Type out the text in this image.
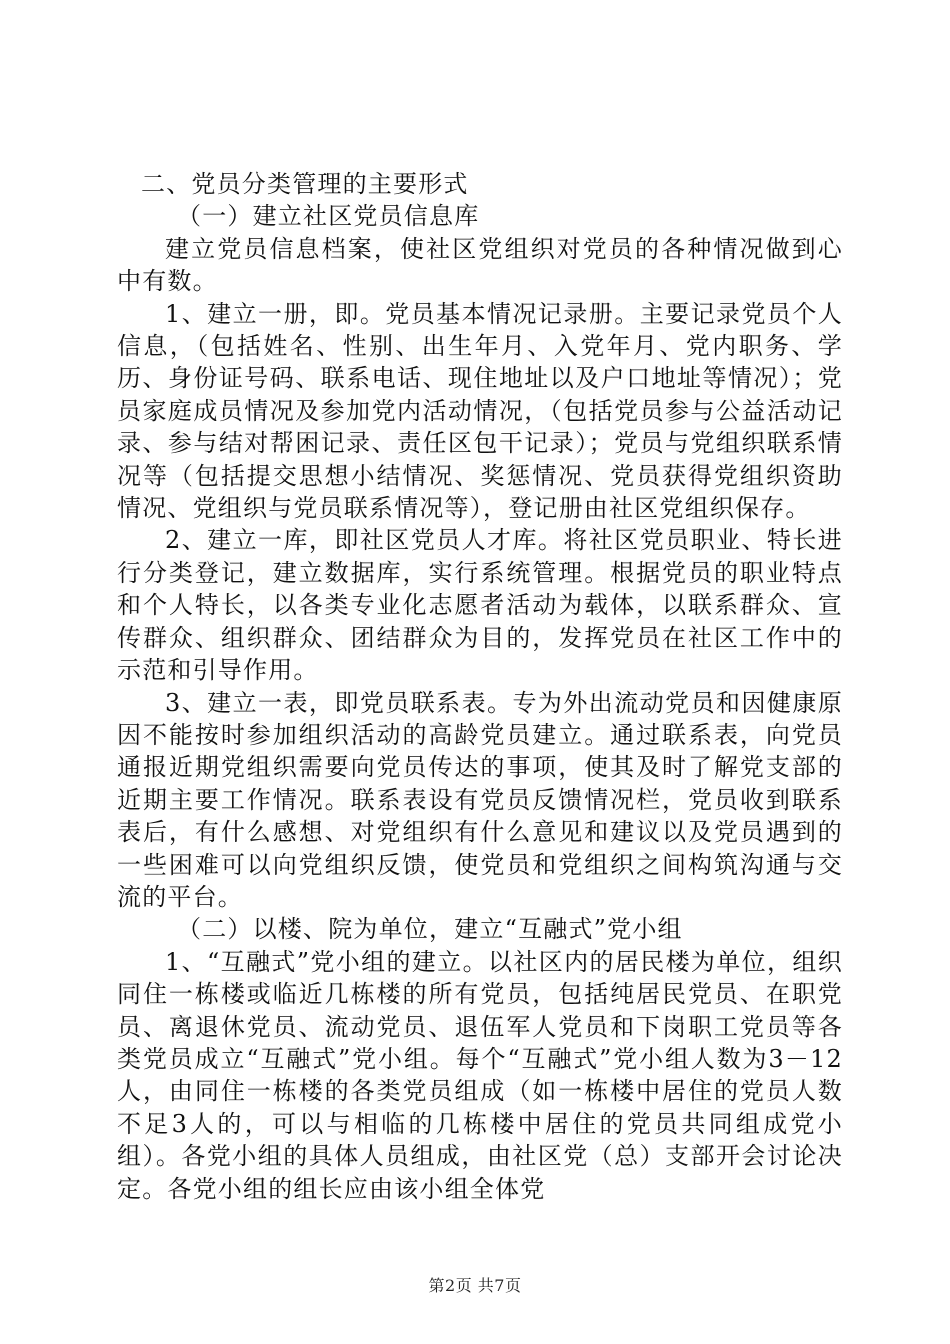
二、党员分类管理的主要形式

（一）建立社区党员信息库

建立党员信息档案，使社区党组织对党员的各种情况做到心中有数。

1、建立一册，即。党员基本情况记录册。主要记录党员个人信息，（包括姓名、性别、出生年月、入党年月、党内职务、学历、身份证号码、联系电话、现住地址以及户口地址等情况）；党员家庭成员情况及参加党内活动情况，（包括党员参与公益活动记录、参与结对帮困记录、责任区包干记录）；党员与党组织联系情况等（包括提交思想小结情况、奖惩情况、党员获得党组织资助情况、党组织与党员联系情况等），登记册由社区党组织保存。

2、建立一库，即社区党员人才库。将社区党员职业、特长进行分类登记，建立数据库，实行系统管理。根据党员的职业特点和个人特长，以各类专业化志愿者活动为载体，以联系群众、宣传群众、组织群众、团结群众为目的，发挥党员在社区工作中的示范和引导作用。

3、建立一表，即党员联系表。专为外出流动党员和因健康原因不能按时参加组织活动的高龄党员建立。通过联系表，向党员通报近期党组织需要向党员传达的事项，使其及时了解党支部的近期主要工作情况。联系表设有党员反馈情况栏，党员收到联系表后，有什么感想、对党组织有什么意见和建议以及党员遇到的一些困难可以向党组织反馈，使党员和党组织之间构筑沟通与交流的平台。

（二）以楼、院为单位，建立“互融式”党小组

1、“互融式”党小组的建立。以社区内的居民楼为单位，组织同住一栋楼或临近几栋楼的所有党员，包括纯居民党员、在职党员、离退休党员、流动党员、退伍军人党员和下岗职工党员等各类党员成立“互融式”党小组。每个“互融式”党小组人数为3－12人，由同住一栋楼的各类党员组成（如一栋楼中居住的党员人数不足3人的，可以与相临的几栋楼中居住的党员共同组成党小组）。各党小组的具体人员组成，由社区党（总）支部开会讨论决定。各党小组的组长应由该小组全体党

第2页 共7页
